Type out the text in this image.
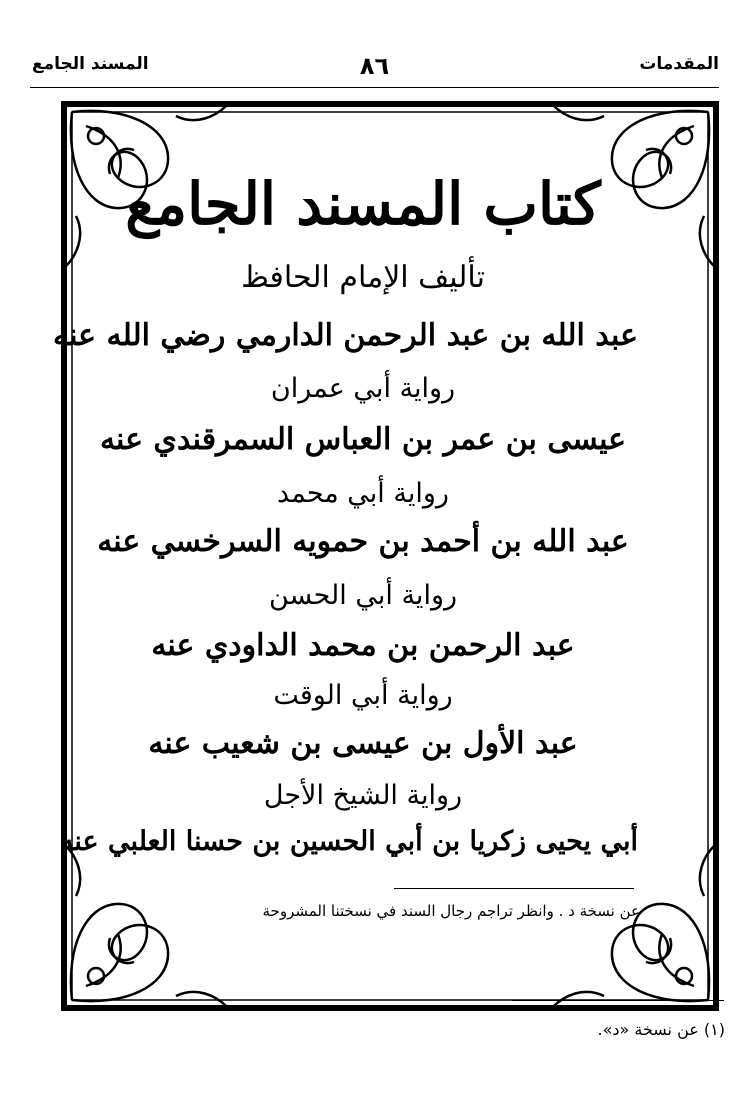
المقدمات
٨٦
المسند الجامع
كتاب المسند الجامع
تأليف الإمام الحافظ
عبد الله بن عبد الرحمن الدارمي رضي الله عنه
رواية أبي عمران
عيسى بن عمر بن العباس السمرقندي عنه
رواية أبي محمد
عبد الله بن أحمد بن حمويه السرخسي عنه
رواية أبي الحسن
عبد الرحمن بن محمد الداودي عنه
رواية أبي الوقت
عبد الأول بن عيسى بن شعيب عنه
رواية الشيخ الأجل
أبي يحيى زكريا بن أبي الحسين بن حسنا العلبي عنه
عن نسخة د . وانظر تراجم رجال السند في نسختنا المشروحة
(١) عن نسخة «د».
